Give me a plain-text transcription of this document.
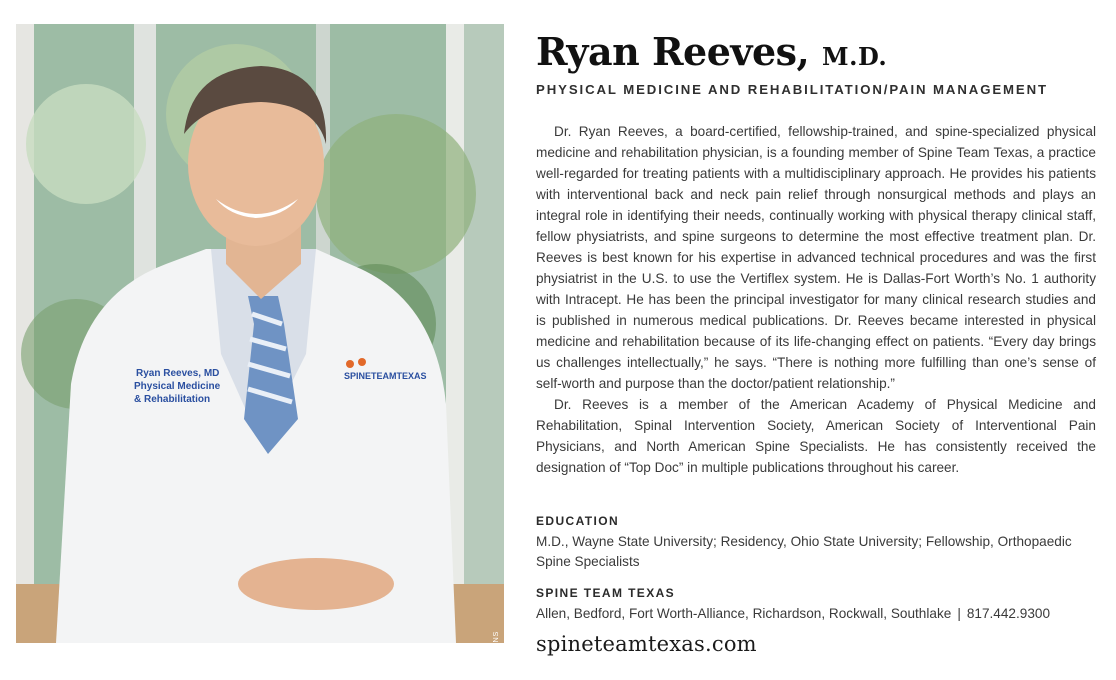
Ryan Reeves, MD
Physical Medicine
& Rehabilitation
SPINETEAMTEXAS
USA MEANS
Ryan Reeves, M.D.
PHYSICAL MEDICINE AND REHABILITATION/PAIN MANAGEMENT

Dr. Ryan Reeves, a board-certified, fellowship-trained, and spine-specialized physical medicine and rehabilitation physician, is a founding member of Spine Team Texas, a practice well-regarded for treating patients with a multidisciplinary approach. He provides his patients with interventional back and neck pain relief through nonsurgical methods and plays an integral role in identifying their needs, continually working with physical therapy clinical staff, fellow physiatrists, and spine surgeons to determine the most effective treatment plan. Dr. Reeves is best known for his expertise in advanced technical procedures and was the first physiatrist in the U.S. to use the Vertiflex system. He is Dallas-Fort Worth’s No. 1 authority with Intracept. He has been the principal investigator for many clinical research studies and is published in numerous medical publications. Dr. Reeves became interested in physical medicine and rehabilitation because of its life-changing effect on patients. “Every day brings us challenges intellectually,” he says. “There is nothing more fulfilling than one’s sense of self-worth and purpose than the doctor/patient relationship.”

Dr. Reeves is a member of the American Academy of Physical Medicine and Rehabilitation, Spinal Intervention Society, American Society of Interventional Pain Physicians, and North American Spine Specialists. He has consistently received the designation of “Top Doc” in multiple publications throughout his career.

EDUCATION
M.D., Wayne State University; Residency, Ohio State University; Fellowship, Orthopaedic Spine Specialists
SPINE TEAM TEXAS
Allen, Bedford, Fort Worth-Alliance, Richardson, Rockwall, Southlake | 817.442.9300
spineteamtexas.com
